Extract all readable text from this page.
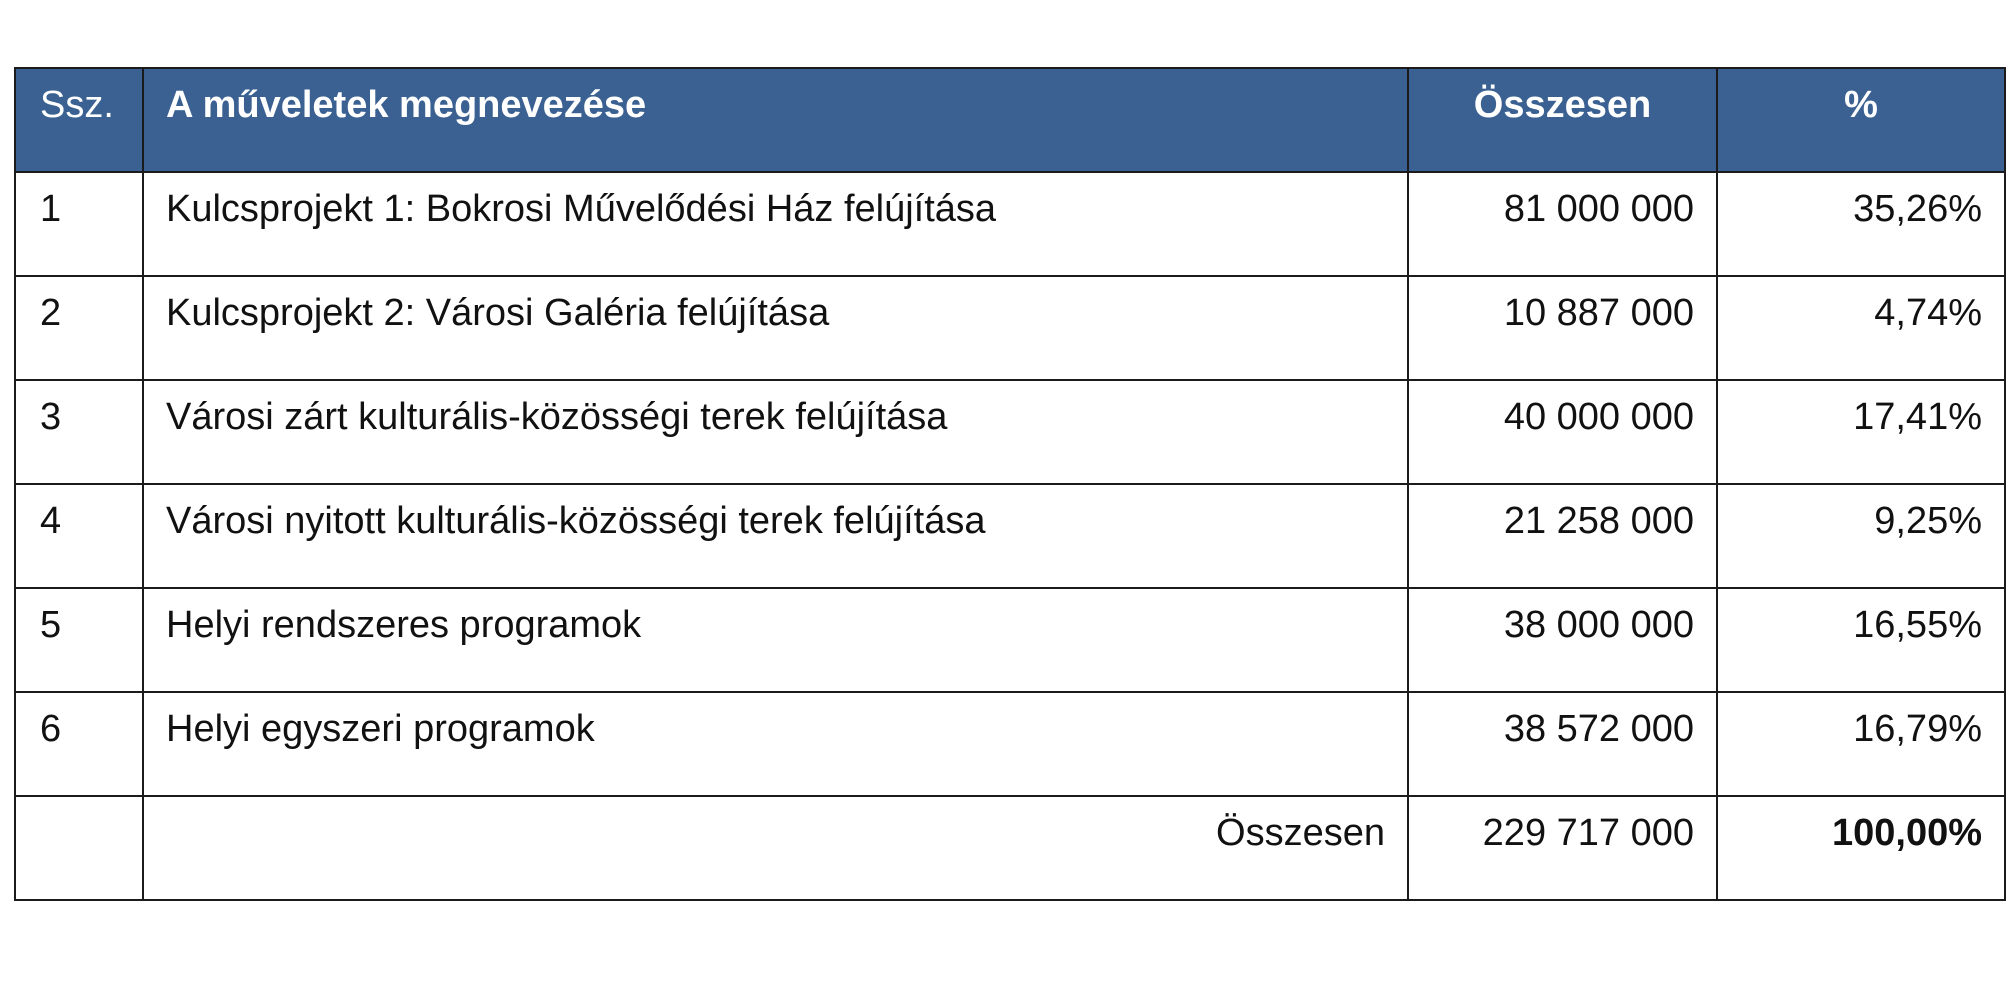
Ssz.	A műveletek megnevezése	Összesen	%
1	Kulcsprojekt 1: Bokrosi Művelődési Ház felújítása	81 000 000	35,26%
2	Kulcsprojekt 2: Városi Galéria felújítása	10 887 000	4,74%
3	Városi zárt kulturális-közösségi terek felújítása	40 000 000	17,41%
4	Városi nyitott kulturális-közösségi terek felújítása	21 258 000	9,25%
5	Helyi rendszeres programok	38 000 000	16,55%
6	Helyi egyszeri programok	38 572 000	16,79%
	Összesen	229 717 000	100,00%
